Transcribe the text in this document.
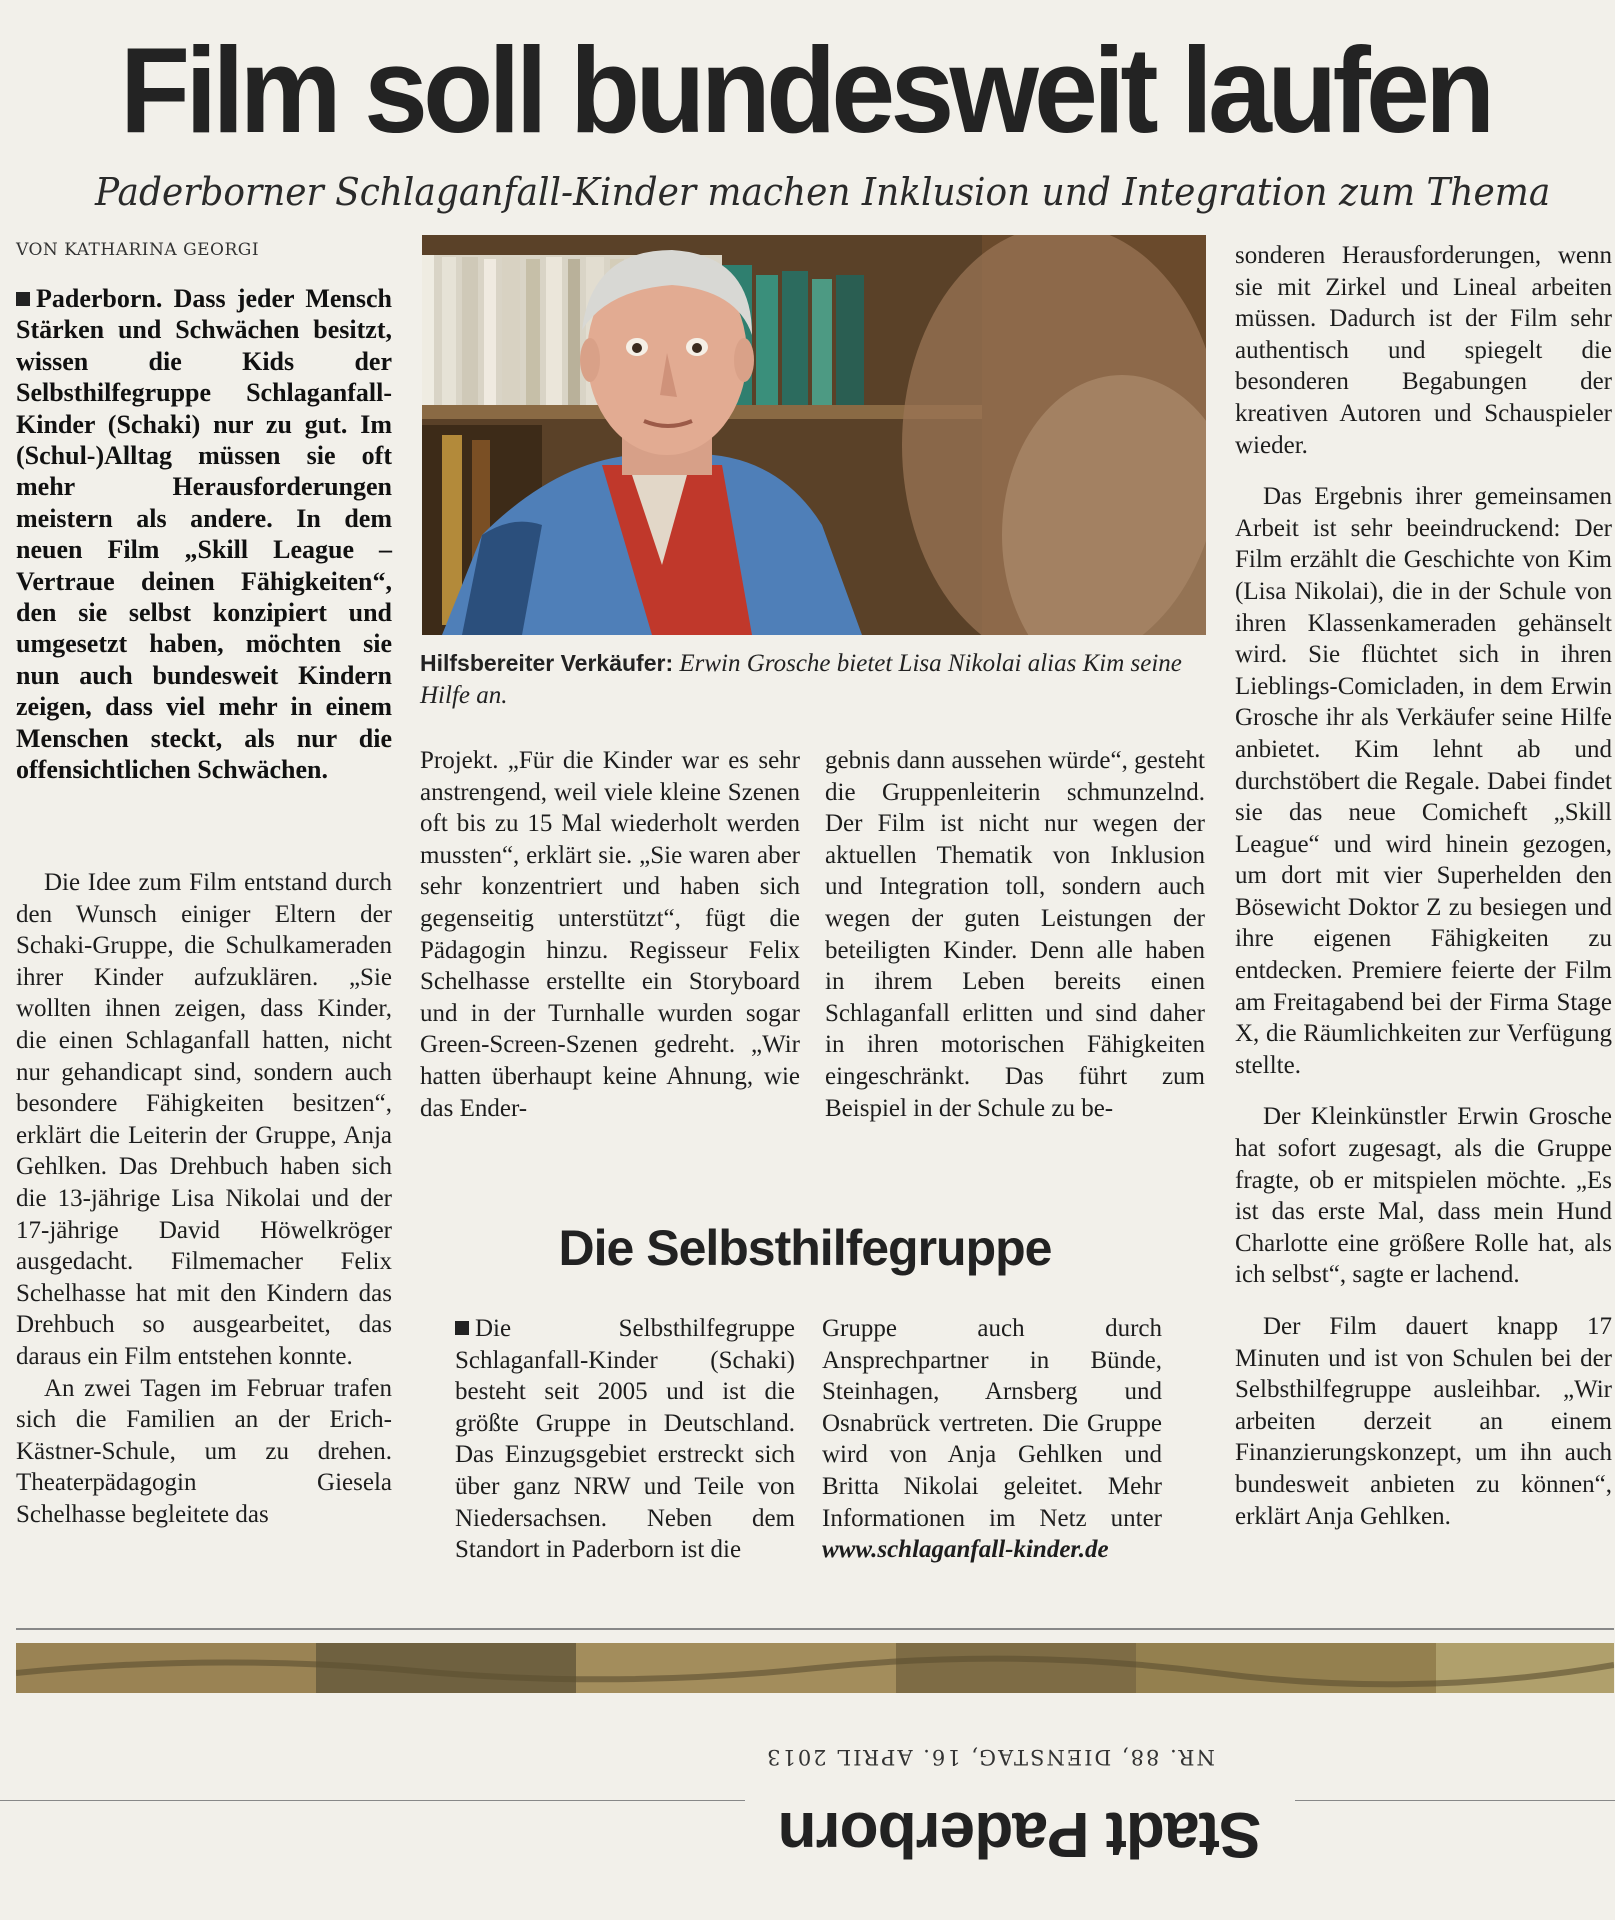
Film soll bundesweit laufen
Paderborner Schlaganfall-Kinder machen Inklusion und Integration zum Thema
VON KATHARINA GEORGI
Paderborn. Dass jeder Mensch Stärken und Schwächen besitzt, wissen die Kids der Selbsthilfegruppe Schlaganfall-Kinder (Schaki) nur zu gut. Im (Schul-)Alltag müssen sie oft mehr Herausforderungen meistern als andere. In dem neuen Film „Skill League – Vertraue deinen Fähigkeiten“, den sie selbst konzipiert und umgesetzt haben, möchten sie nun auch bundesweit Kindern zeigen, dass viel mehr in einem Menschen steckt, als nur die offensichtlichen Schwächen.

Die Idee zum Film entstand durch den Wunsch einiger Eltern der Schaki-Gruppe, die Schulkameraden ihrer Kinder aufzuklären. „Sie wollten ihnen zeigen, dass Kinder, die einen Schlaganfall hatten, nicht nur gehandicapt sind, sondern auch besondere Fähigkeiten besitzen“, erklärt die Leiterin der Gruppe, Anja Gehlken. Das Drehbuch haben sich die 13-jährige Lisa Nikolai und der 17-jährige David Höwelkröger ausgedacht. Filmemacher Felix Schelhasse hat mit den Kindern das Drehbuch so ausgearbeitet, das daraus ein Film entstehen konnte.

An zwei Tagen im Februar trafen sich die Familien an der Erich-Kästner-Schule, um zu drehen. Theaterpädagogin Giesela Schelhasse begleitete das

Hilfsbereiter Verkäufer: Erwin Grosche bietet Lisa Nikolai alias Kim seine Hilfe an.

Projekt. „Für die Kinder war es sehr anstrengend, weil viele kleine Szenen oft bis zu 15 Mal wiederholt werden mussten“, erklärt sie. „Sie waren aber sehr konzentriert und haben sich gegenseitig unterstützt“, fügt die Pädagogin hinzu. Regisseur Felix Schelhasse erstellte ein Storyboard und in der Turnhalle wurden sogar Green-Screen-Szenen gedreht. „Wir hatten überhaupt keine Ahnung, wie das Ender-

gebnis dann aussehen würde“, gesteht die Gruppenleiterin schmunzelnd. Der Film ist nicht nur wegen der aktuellen Thematik von Inklusion und Integration toll, sondern auch wegen der guten Leistungen der beteiligten Kinder. Denn alle haben in ihrem Leben bereits einen Schlaganfall erlitten und sind daher in ihren motorischen Fähigkeiten eingeschränkt. Das führt zum Beispiel in der Schule zu be-

sonderen Herausforderungen, wenn sie mit Zirkel und Lineal arbeiten müssen. Dadurch ist der Film sehr authentisch und spiegelt die besonderen Begabungen der kreativen Autoren und Schauspieler wieder.

Das Ergebnis ihrer gemeinsamen Arbeit ist sehr beeindruckend: Der Film erzählt die Geschichte von Kim (Lisa Nikolai), die in der Schule von ihren Klassenkameraden gehänselt wird. Sie flüchtet sich in ihren Lieblings-Comicladen, in dem Erwin Grosche ihr als Verkäufer seine Hilfe anbietet. Kim lehnt ab und durchstöbert die Regale. Dabei findet sie das neue Comicheft „Skill League“ und wird hinein gezogen, um dort mit vier Superhelden den Bösewicht Doktor Z zu besiegen und ihre eigenen Fähigkeiten zu entdecken. Premiere feierte der Film am Freitagabend bei der Firma Stage X, die Räumlichkeiten zur Verfügung stellte.

Der Kleinkünstler Erwin Grosche hat sofort zugesagt, als die Gruppe fragte, ob er mitspielen möchte. „Es ist das erste Mal, dass mein Hund Charlotte eine größere Rolle hat, als ich selbst“, sagte er lachend.

Der Film dauert knapp 17 Minuten und ist von Schulen bei der Selbsthilfegruppe ausleihbar. „Wir arbeiten derzeit an einem Finanzierungskonzept, um ihn auch bundesweit anbieten zu können“, erklärt Anja Gehlken.

Die Selbsthilfegruppe

Die Selbsthilfegruppe Schlaganfall-Kinder (Schaki) besteht seit 2005 und ist die größte Gruppe in Deutschland. Das Einzugsgebiet erstreckt sich über ganz NRW und Teile von Niedersachsen. Neben dem Standort in Paderborn ist die

Gruppe auch durch Ansprechpartner in Bünde, Steinhagen, Arnsberg und Osnabrück vertreten. Die Gruppe wird von Anja Gehlken und Britta Nikolai geleitet. Mehr Informationen im Netz unter www.schlaganfall-kinder.de

NR. 88, DIENSTAG, 16. APRIL 2013
Stadt Paderborn
